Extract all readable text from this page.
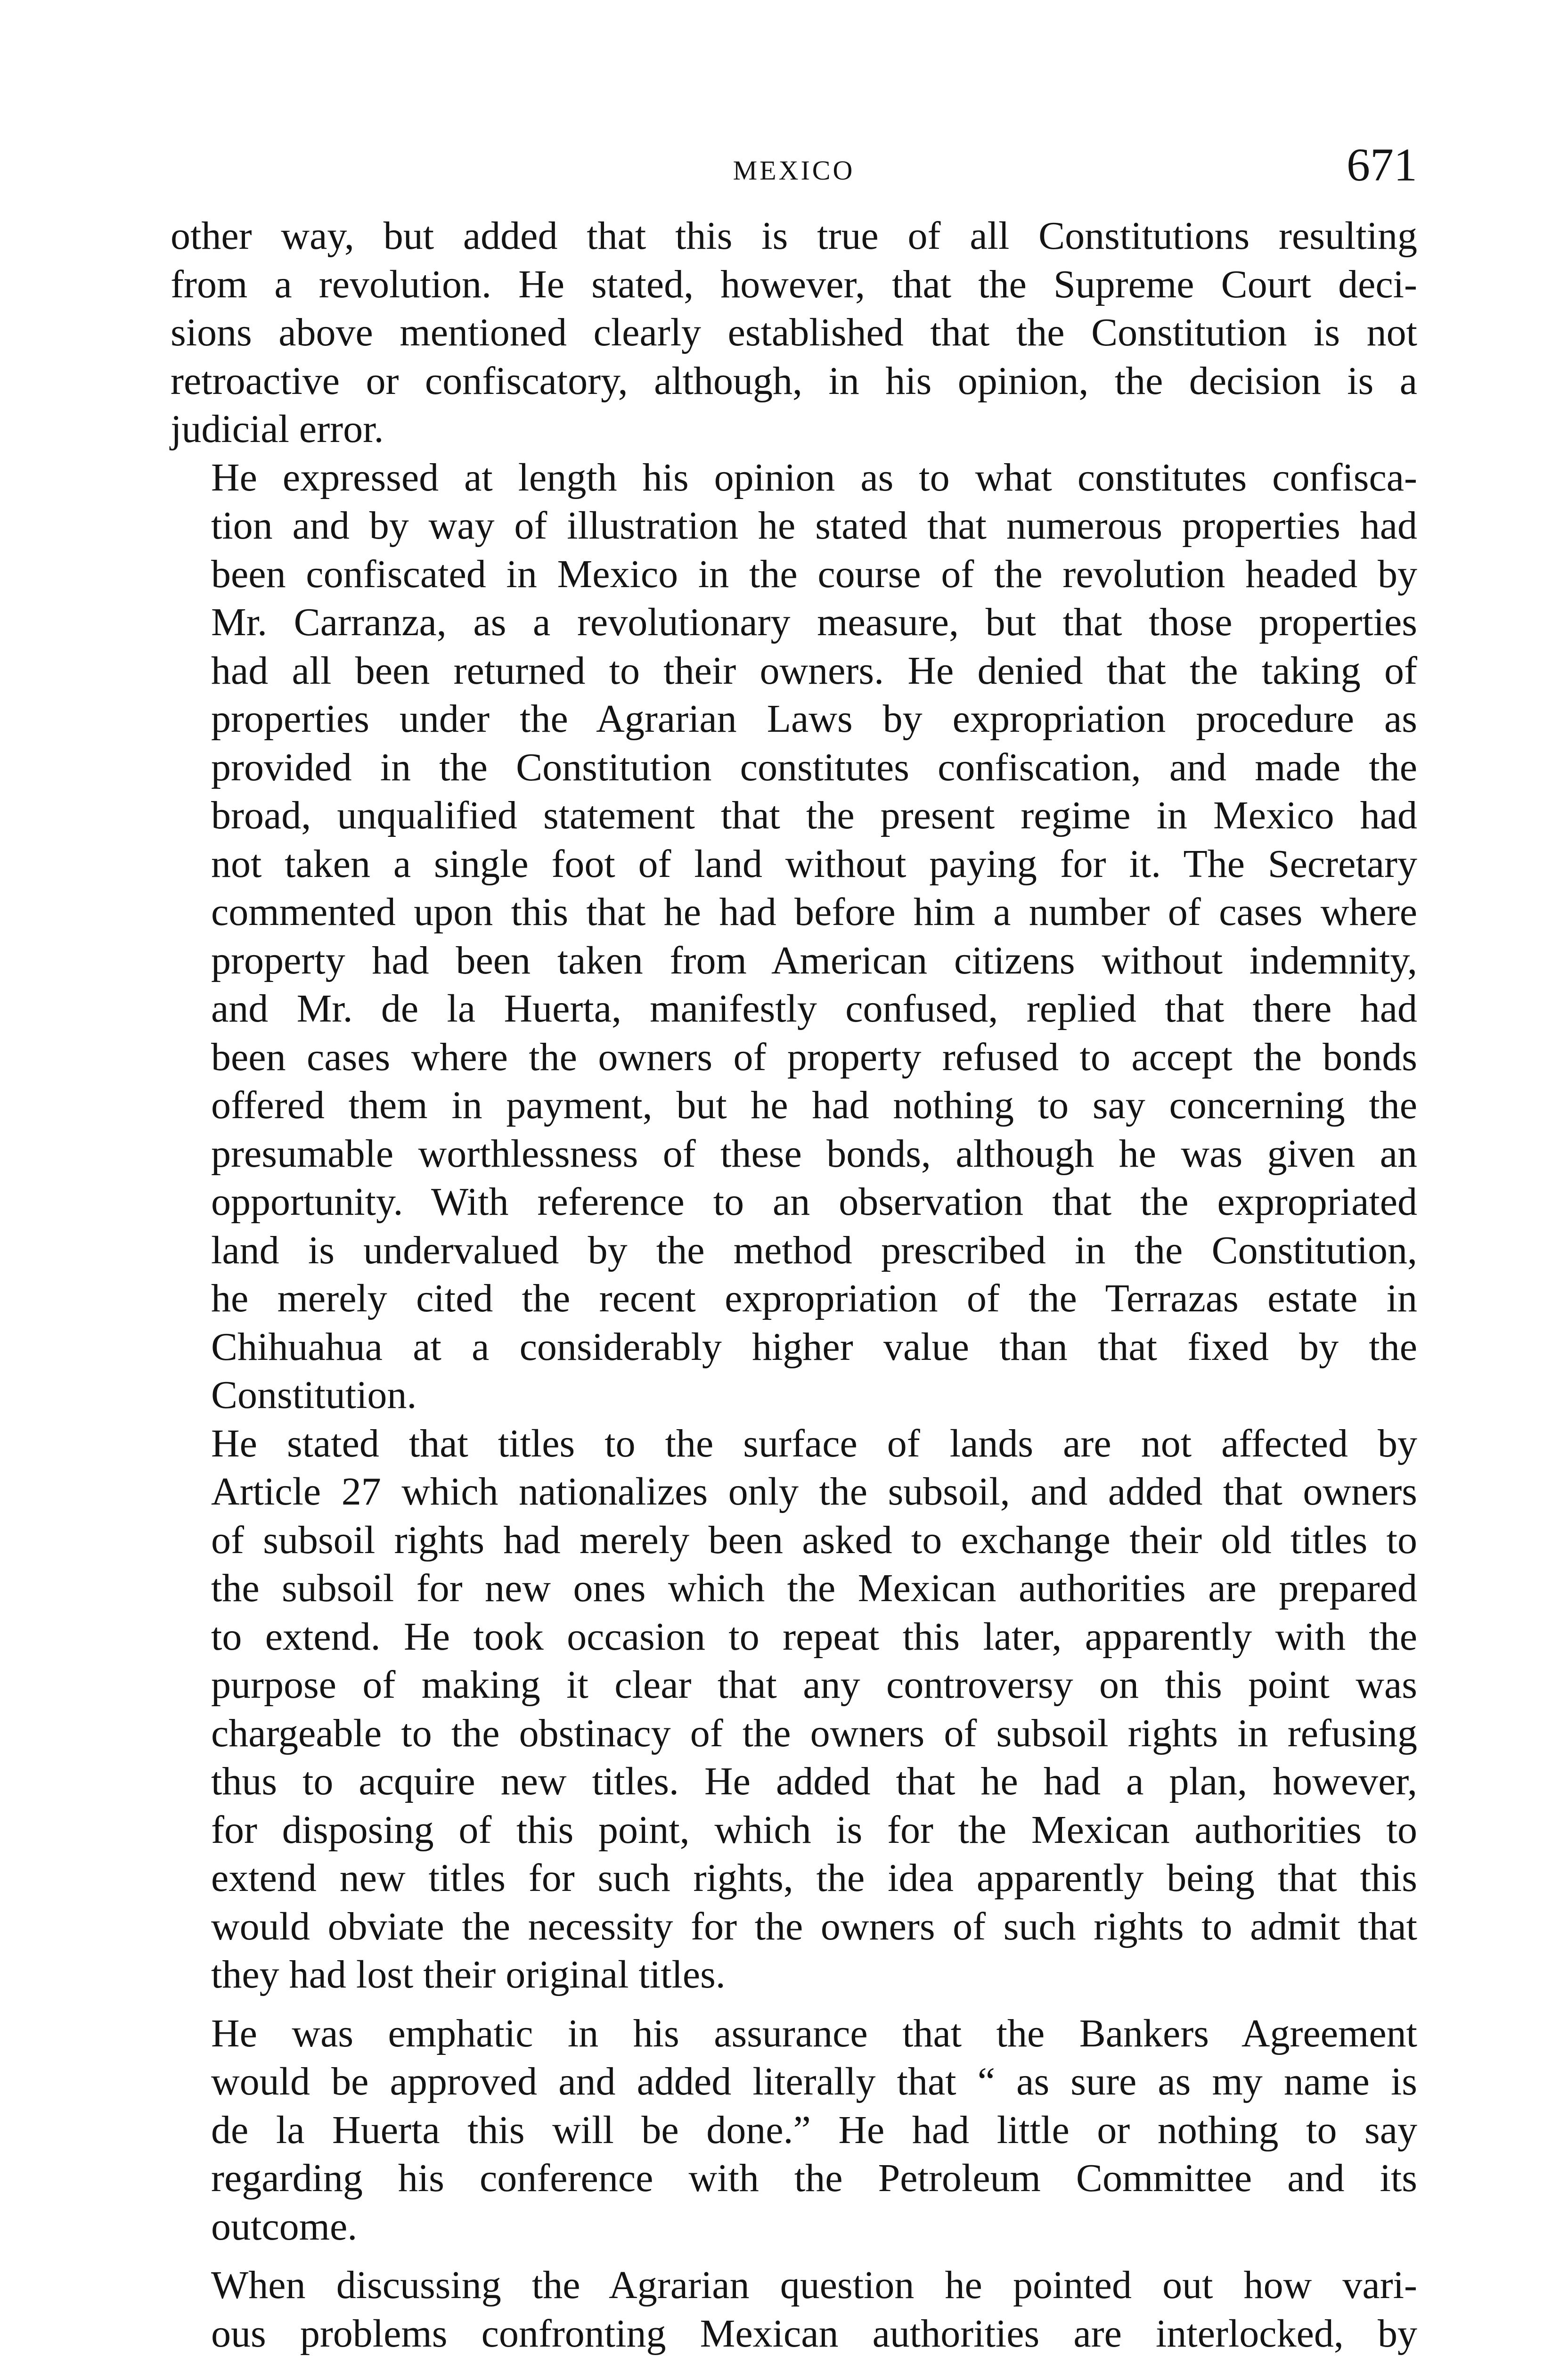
MEXICO	671

other way, but added that this is true of all Constitutions resulting
from a revolution. He stated, however, that the Supreme Court deci-
sions above mentioned clearly established that the Constitution is not
retroactive or confiscatory, although, in his opinion, the decision is a
judicial error.

He expressed at length his opinion as to what constitutes confisca-
tion and by way of illustration he stated that numerous properties had
been confiscated in Mexico in the course of the revolution headed by
Mr. Carranza, as a revolutionary measure, but that those properties
had all been returned to their owners. He denied that the taking of
properties under the Agrarian Laws by expropriation procedure as
provided in the Constitution constitutes confiscation, and made the
broad, unqualified statement that the present regime in Mexico had
not taken a single foot of land without paying for it. The Secretary
commented upon this that he had before him a number of cases where
property had been taken from American citizens without indemnity,
and Mr. de la Huerta, manifestly confused, replied that there had
been cases where the owners of property refused to accept the bonds
offered them in payment, but he had nothing to say concerning the
presumable worthlessness of these bonds, although he was given an
opportunity. With reference to an observation that the expropriated
land is undervalued by the method prescribed in the Constitution,
he merely cited the recent expropriation of the Terrazas estate in
Chihuahua at a considerably higher value than that fixed by the
Constitution.

He stated that titles to the surface of lands are not affected by
Article 27 which nationalizes only the subsoil, and added that owners
of subsoil rights had merely been asked to exchange their old titles to
the subsoil for new ones which the Mexican authorities are prepared
to extend. He took occasion to repeat this later, apparently with the
purpose of making it clear that any controversy on this point was
chargeable to the obstinacy of the owners of subsoil rights in refusing
thus to acquire new titles. He added that he had a plan, however,
for disposing of this point, which is for the Mexican authorities to
extend new titles for such rights, the idea apparently being that this
would obviate the necessity for the owners of such rights to admit that
they had lost their original titles.

He was emphatic in his assurance that the Bankers Agreement
would be approved and added literally that “ as sure as my name is
de la Huerta this will be done.” He had little or nothing to say
regarding his conference with the Petroleum Committee and its
outcome.

When discussing the Agrarian question he pointed out how vari-
ous problems confronting Mexican authorities are interlocked, by
